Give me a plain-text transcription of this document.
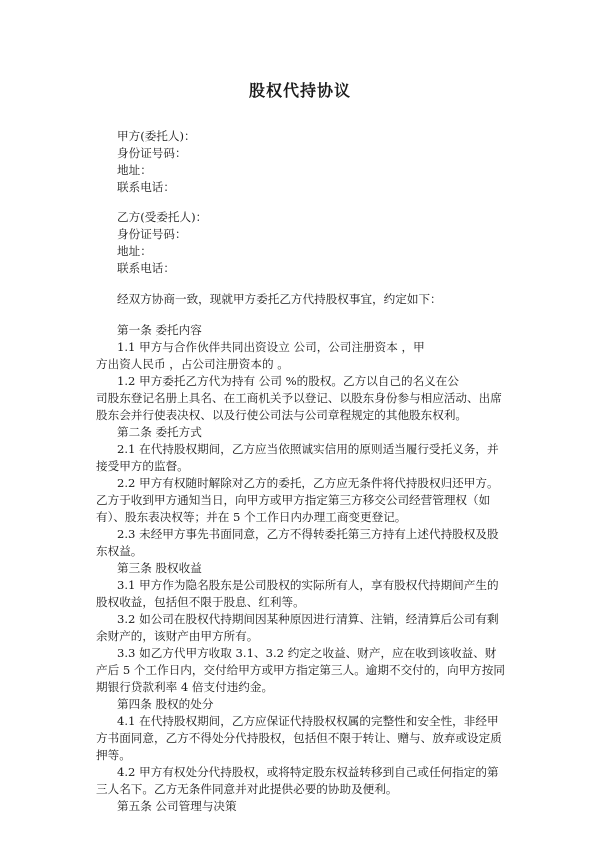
股权代持协议
甲方(委托人)：
身份证号码：
地址：
联系电话：
乙方(受委托人)：
身份证号码：
地址：
联系电话：
经双方协商一致，现就甲方委托乙方代持股权事宜，约定如下：
第一条 委托内容
1.1 甲方与合作伙伴共同出资设立 公司，公司注册资本 ，甲
方出资人民币 ，占公司注册资本的 。
1.2 甲方委托乙方代为持有 公司 %的股权。乙方以自己的名义在公
司股东登记名册上具名、在工商机关予以登记、以股东身份参与相应活动、出席
股东会并行使表决权、以及行使公司法与公司章程规定的其他股东权利。
第二条 委托方式
2.1 在代持股权期间，乙方应当依照诚实信用的原则适当履行受托义务，并
接受甲方的监督。
2.2 甲方有权随时解除对乙方的委托，乙方应无条件将代持股权归还甲方。
乙方于收到甲方通知当日，向甲方或甲方指定第三方移交公司经营管理权（如
有）、股东表决权等；并在 5 个工作日内办理工商变更登记。
2.3 未经甲方事先书面同意，乙方不得转委托第三方持有上述代持股权及股
东权益。
第三条 股权收益
3.1 甲方作为隐名股东是公司股权的实际所有人，享有股权代持期间产生的
股权收益，包括但不限于股息、红利等。
3.2 如公司在股权代持期间因某种原因进行清算、注销，经清算后公司有剩
余财产的，该财产由甲方所有。
3.3 如乙方代甲方收取 3.1、3.2 约定之收益、财产，应在收到该收益、财
产后 5 个工作日内，交付给甲方或甲方指定第三人。逾期不交付的，向甲方按同
期银行贷款利率 4 倍支付违约金。
第四条 股权的处分
4.1 在代持股权期间，乙方应保证代持股权权属的完整性和安全性，非经甲
方书面同意，乙方不得处分代持股权，包括但不限于转让、赠与、放弃或设定质
押等。
4.2 甲方有权处分代持股权，或将特定股东权益转移到自己或任何指定的第
三人名下。乙方无条件同意并对此提供必要的协助及便利。
第五条 公司管理与决策
